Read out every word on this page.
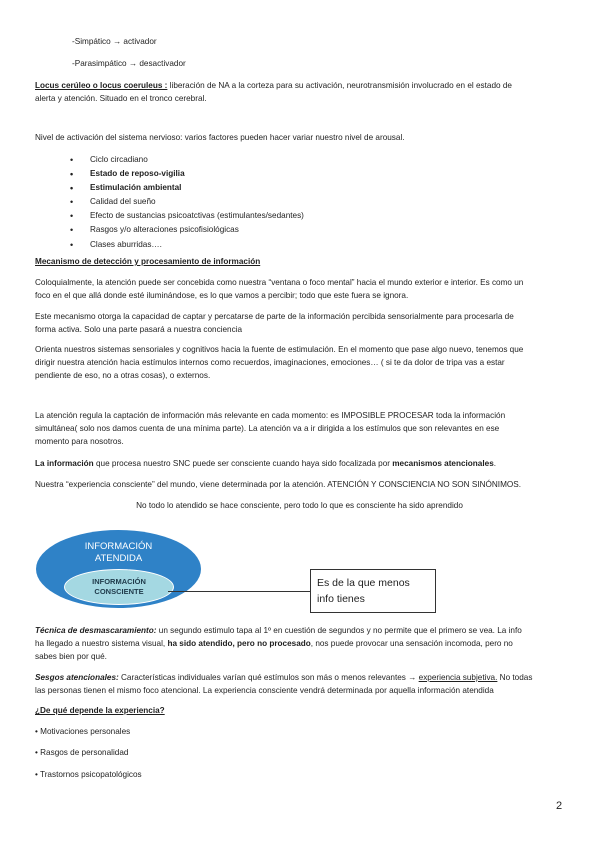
-Simpático → activador
-Parasimpático → desactivador
Locus cerúleo o locus coeruleus : liberación de NA a la corteza para su activación, neurotransmisión involucrado en el estado de
alerta y atención. Situado en el tronco cerebral.
Nivel de activación del sistema nervioso: varios factores pueden hacer variar nuestro nivel de arousal.
• Ciclo circadiano
• Estado de reposo-vigilia
• Estimulación ambiental
• Calidad del sueño
• Efecto de sustancias psicoatctivas (estimulantes/sedantes)
• Rasgos y/o alteraciones psicofisiológicas
• Clases aburridas….
Mecanismo de detección y procesamiento de información
Coloquialmente, la atención puede ser concebida como nuestra “ventana o foco mental” hacia el mundo exterior e interior. Es como un
foco en el que allá donde esté iluminándose, es lo que vamos a percibir; todo que este fuera se ignora.
Este mecanismo otorga la capacidad de captar y percatarse de parte de la información percibida sensorialmente para procesarla de
forma activa. Solo una parte pasará a nuestra conciencia
Orienta nuestros sistemas sensoriales y cognitivos hacia la fuente de estimulación. En el momento que pase algo nuevo, tenemos que
dirigir nuestra atención hacia estímulos internos como recuerdos, imaginaciones, emociones… ( si te da dolor de tripa vas a estar
pendiente de eso, no a otras cosas), o externos.
La atención regula la captación de información más relevante en cada momento: es IMPOSIBLE PROCESAR toda la información
simultánea( solo nos damos cuenta de una mínima parte). La atención va a ir dirigida a los estímulos que son relevantes en ese
momento para nosotros.
La información que procesa nuestro SNC puede ser consciente cuando haya sido focalizada por mecanismos atencionales.
Nuestra “experiencia consciente” del mundo, viene determinada por la atención. ATENCIÓN Y CONSCIENCIA NO SON SINÓNIMOS.
No todo lo atendido se hace consciente, pero todo lo que es consciente ha sido aprendido
INFORMACIÓN
ATENDIDA
INFORMACIÓN
CONSCIENTE
Es de la que menos
info tienes
Técnica de desmascaramiento: un segundo estimulo tapa al 1º en cuestión de segundos y no permite que el primero se vea. La info
ha llegado a nuestro sistema visual, ha sido atendido, pero no procesado, nos puede provocar una sensación incomoda, pero no
sabes bien por qué.
Sesgos atencionales: Características individuales varían qué estímulos son más o menos relevantes → experiencia subjetiva. No todas
las personas tienen el mismo foco atencional. La experiencia consciente vendrá determinada por aquella información atendida
¿De qué depende la experiencia?
• Motivaciones personales
• Rasgos de personalidad
• Trastornos psicopatológicos
2
